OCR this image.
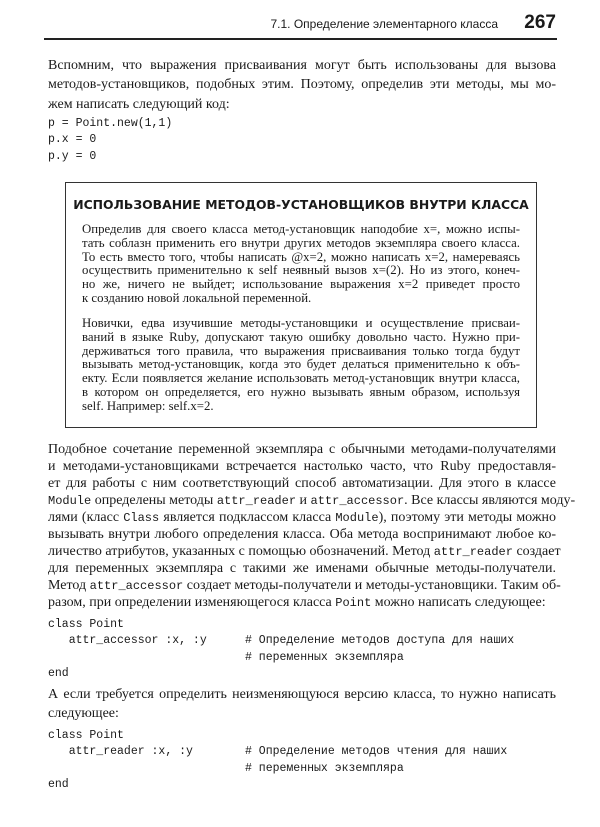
7.1. Определение элементарного класса	267
Вспомним, что выражения присваивания могут быть использованы для вызова
методов-установщиков, подобных этим. Поэтому, определив эти методы, мы мо-
жем написать следующий код:
p = Point.new(1,1)
p.x = 0
p.y = 0
ИСПОЛЬЗОВАНИЕ МЕТОДОВ-УСТАНОВЩИКОВ ВНУТРИ КЛАССА
Определив для своего класса метод-установщик наподобие x=, можно испы-
тать соблазн применить его внутри других методов экземпляра своего класса.
То есть вместо того, чтобы написать @x=2, можно написать x=2, намереваясь
осуществить применительно к self неявный вызов x=(2). Но из этого, конеч-
но же, ничего не выйдет; использование выражения x=2 приведет просто
к созданию новой локальной переменной.
Новички, едва изучившие методы-установщики и осуществление присваи-
ваний в языке Ruby, допускают такую ошибку довольно часто. Нужно при-
держиваться того правила, что выражения присваивания только тогда будут
вызывать метод-установщик, когда это будет делаться применительно к объ-
екту. Если появляется желание использовать метод-установщик внутри класса,
в котором он определяется, его нужно вызывать явным образом, используя
self. Например: self.x=2.
Подобное сочетание переменной экземпляра с обычными методами-получателями
и методами-установщиками встречается настолько часто, что Ruby предоставля-
ет для работы с ним соответствующий способ автоматизации. Для этого в классе
Module определены методы attr_reader и attr_accessor. Все классы являются моду-
лями (класс Class является подклассом класса Module), поэтому эти методы можно
вызывать внутри любого определения класса. Оба метода воспринимают любое ко-
личество атрибутов, указанных с помощью обозначений. Метод attr_reader создает
для переменных экземпляра с такими же именами обычные методы-получатели.
Метод attr_accessor создает методы-получатели и методы-установщики. Таким об-
разом, при определении изменяющегося класса Point можно написать следующее:
class Point
attr_accessor :x, :y	# Определение методов доступа для наших
# переменных экземпляра
end
А если требуется определить неизменяющуюся версию класса, то нужно написать
следующее:
class Point
attr_reader :x, :y	# Определение методов чтения для наших
# переменных экземпляра
end
